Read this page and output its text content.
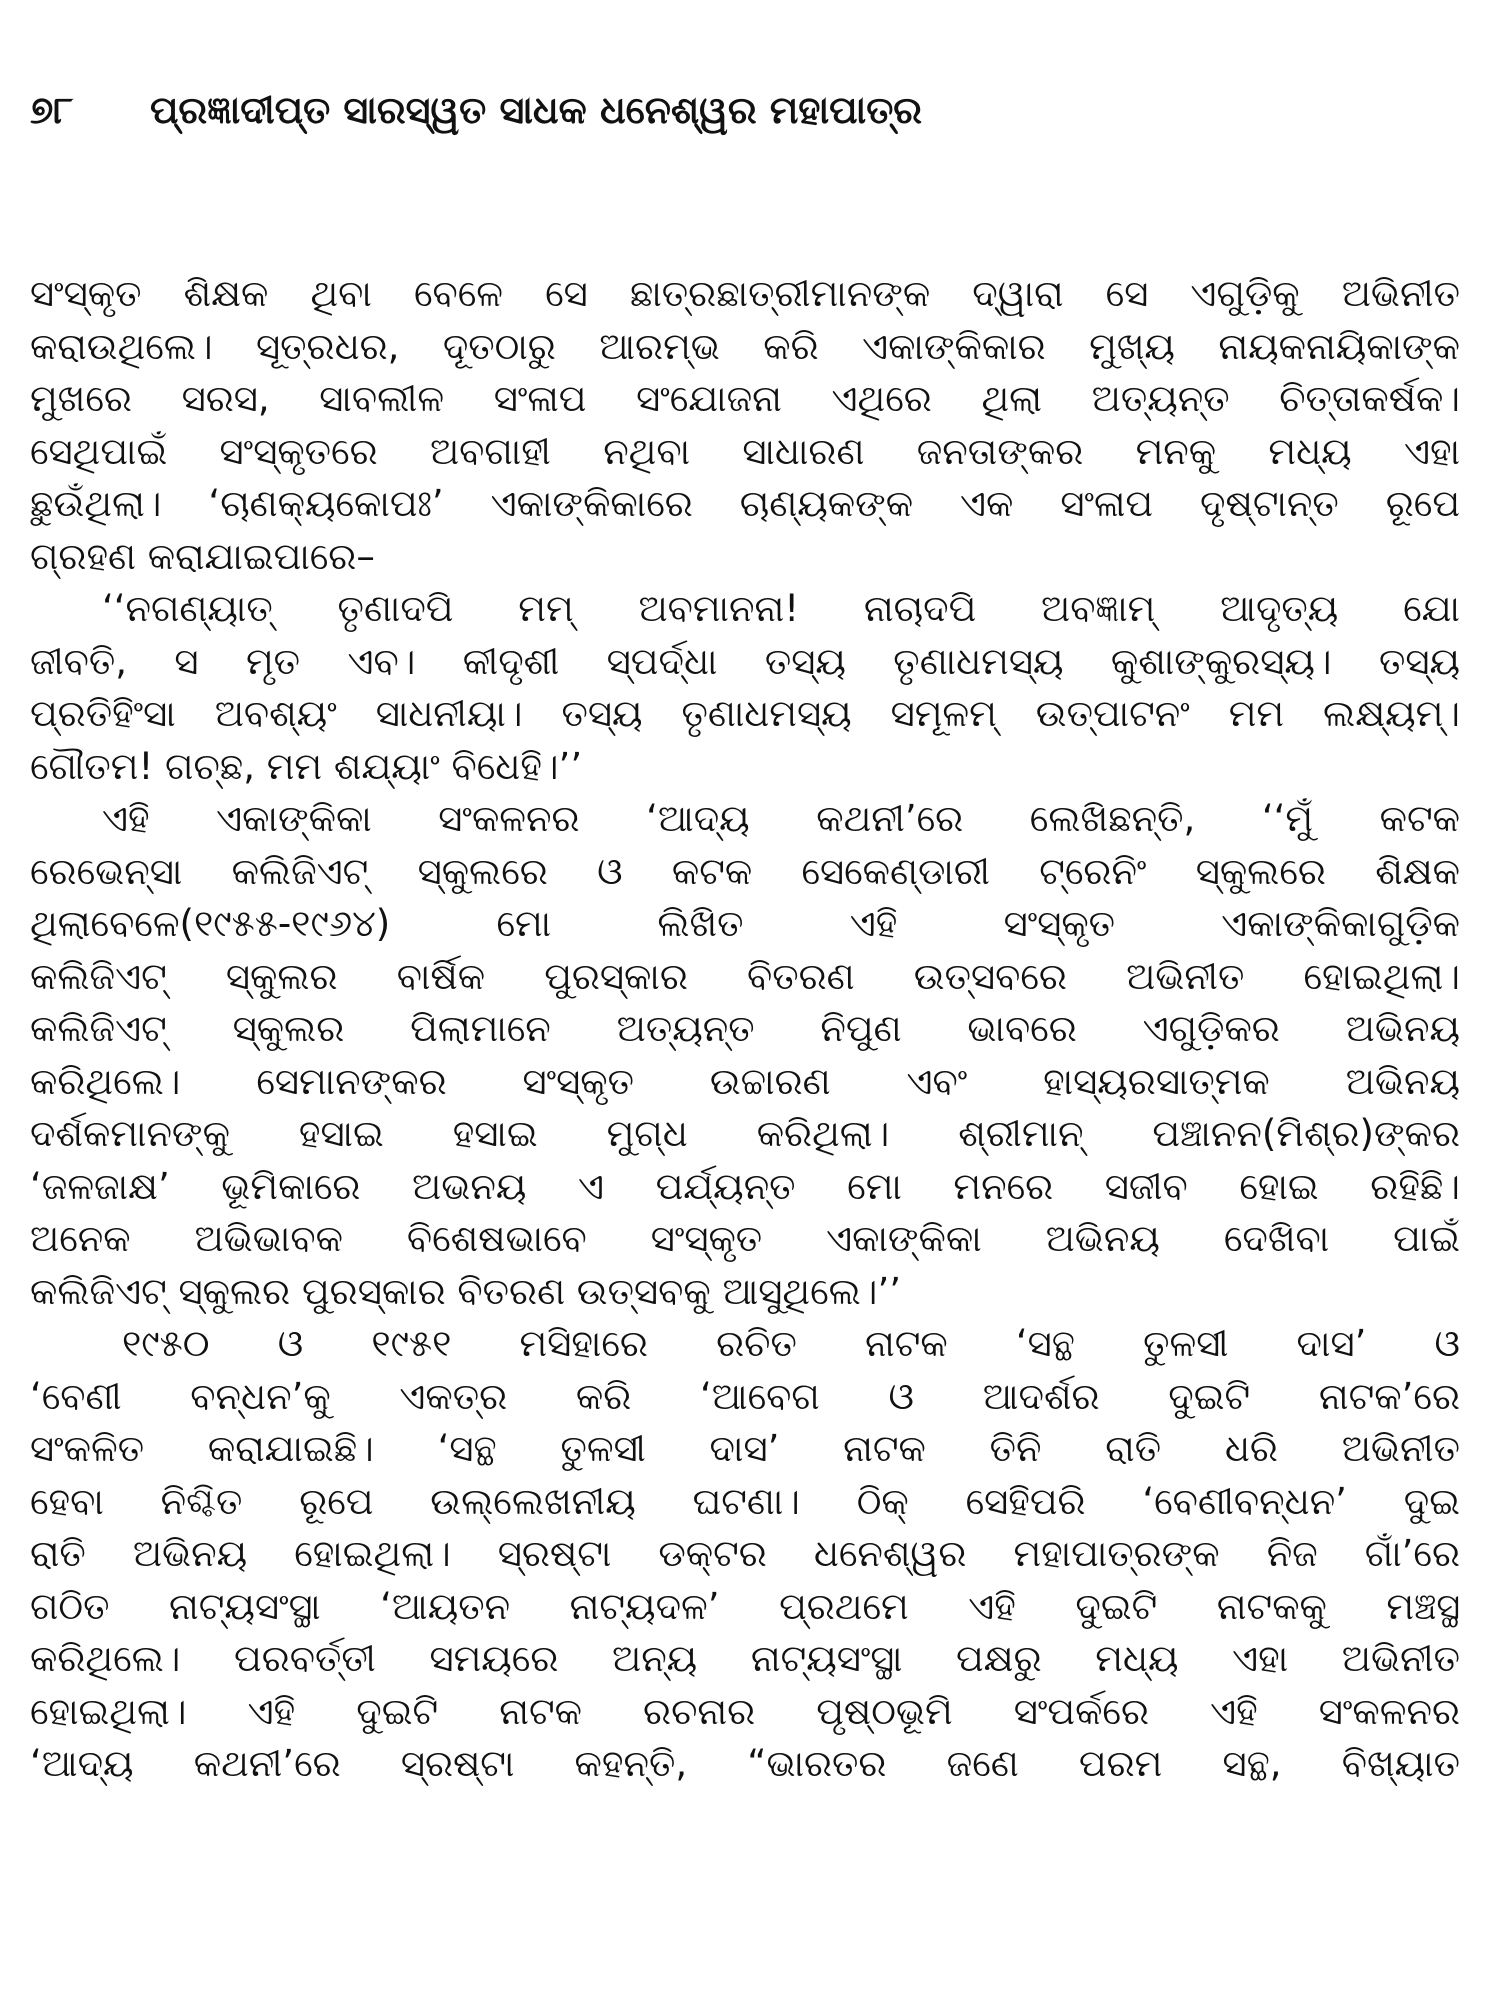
୭୮	ପ୍ରଜ୍ଞାଦୀପ୍ତ ସାରସ୍ୱତ ସାଧକ ଧନେଶ୍ୱର ମହାପାତ୍ର
ସଂସ୍କୃତ ଶିକ୍ଷକ ଥିବା ବେଳେ ସେ ଛାତ୍ରଛାତ୍ରୀମାନଙ୍କ ଦ୍ୱାରା ସେ ଏଗୁଡ଼ିକୁ ଅଭିନୀତ
କରାଉଥିଲେ। ସୂତ୍ରଧର, ଦୂତଠାରୁ ଆରମ୍ଭ କରି ଏକାଙ୍କିକାର ମୁଖ୍ୟ ନାୟକନାୟିକାଙ୍କ
ମୁଖରେ ସରସ, ସାବଲୀଳ ସଂଳାପ ସଂଯୋଜନା ଏଥିରେ ଥିଲା ଅତ୍ୟନ୍ତ ଚିତ୍ତାକର୍ଷକ।
ସେଥିପାଇଁ ସଂସ୍କୃତରେ ଅବଗାହୀ ନଥିବା ସାଧାରଣ ଜନତାଙ୍କର ମନକୁ ମଧ୍ୟ ଏହା
ଛୁଉଁଥିଲା। ‘ଚାଣକ୍ୟକୋପଃ’ ଏକାଙ୍କିକାରେ ଚାଣ୍ୟକଙ୍କ ଏକ ସଂଳାପ ଦୃଷ୍ଟାନ୍ତ ରୂପେ
ଗ୍ରହଣ କରାଯାଇପାରେ–
‘‘ନଗଣ୍ୟାତ୍ ତୃଣାଦପି ମମ୍ ଅବମାନନା! ନାଚାଦପି ଅବଜ୍ଞାମ୍ ଆଦୃତ୍ୟ ଯୋ
ଜୀବତି, ସ ମୃତ ଏବ। କୀଦୃଶୀ ସ୍ପର୍ଦ୍ଧା ତସ୍ୟ ତୃଣାଧମସ୍ୟ କୁଶାଙ୍କୁରସ୍ୟ। ତସ୍ୟ
ପ୍ରତିହିଂସା ଅବଶ୍ୟଂ ସାଧନୀୟା। ତସ୍ୟ ତୃଣାଧମସ୍ୟ ସମୂଳମ୍ ଉତ୍ପାଟନଂ ମମ ଲକ୍ଷ୍ୟମ୍।
ଗୌତମ! ଗଚ୍ଛ, ମମ ଶଯ୍ୟାଂ ବିଧେହି।’’
ଏହି ଏକାଙ୍କିକା ସଂକଳନର ‘ଆଦ୍ୟ କଥନୀ’ରେ ଲେଖିଛନ୍ତି, ‘‘ମୁଁ କଟକ
ରେଭେନ୍ସା କଲିଜିଏଟ୍ ସ୍କୁଲରେ ଓ କଟକ ସେକେଣ୍ଡାରୀ ଟ୍ରେନିଂ ସ୍କୁଲରେ ଶିକ୍ଷକ
ଥିଲାବେଳେ(୧୯୫୫-୧୯୬୪) ମୋ ଲିଖିତ ଏହି ସଂସ୍କୃତ ଏକାଙ୍କିକାଗୁଡ଼ିକ
କଲିଜିଏଟ୍ ସ୍କୁଲର ବାର୍ଷିକ ପୁରସ୍କାର ବିତରଣ ଉତ୍ସବରେ ଅଭିନୀତ ହୋଇଥିଲା।
କଲିଜିଏଟ୍ ସ୍କୁଲର ପିଲାମାନେ ଅତ୍ୟନ୍ତ ନିପୁଣ ଭାବରେ ଏଗୁଡ଼ିକର ଅଭିନୟ
କରିଥିଲେ। ସେମାନଙ୍କର ସଂସ୍କୃତ ଉଚ୍ଚାରଣ ଏବଂ ହାସ୍ୟରସାତ୍ମକ ଅଭିନୟ
ଦର୍ଶକମାନଙ୍କୁ ହସାଇ ହସାଇ ମୁଗ୍ଧ କରିଥିଲା। ଶ୍ରୀମାନ୍ ପଞ୍ଚାନନ(ମିଶ୍ର)ଙ୍କର
‘ଜଳଜାକ୍ଷ’ ଭୂମିକାରେ ଅଭନୟ ଏ ପର୍ଯ୍ୟନ୍ତ ମୋ ମନରେ ସଜୀବ ହୋଇ ରହିଛି।
ଅନେକ ଅଭିଭାବକ ବିଶେଷଭାବେ ସଂସ୍କୃତ ଏକାଙ୍କିକା ଅଭିନୟ ଦେଖିବା ପାଇଁ
କଲିଜିଏଟ୍ ସ୍କୁଲର ପୁରସ୍କାର ବିତରଣ ଉତ୍ସବକୁ ଆସୁଥିଲେ।’’
୧୯୫୦ ଓ ୧୯୫୧ ମସିହାରେ ରଚିତ ନାଟକ ‘ସନ୍ଥ ତୁଳସୀ ଦାସ’ ଓ
‘ବେଣୀ ବନ୍ଧନ’କୁ ଏକତ୍ର କରି ‘ଆବେଗ ଓ ଆଦର୍ଶର ଦୁଇଟି ନାଟକ’ରେ
ସଂକଳିତ କରାଯାଇଛି। ‘ସନ୍ଥ ତୁଳସୀ ଦାସ’ ନାଟକ ତିନି ରାତି ଧରି ଅଭିନୀତ
ହେବା ନିଶ୍ଚିତ ରୂପେ ଉଲ୍ଲେଖନୀୟ ଘଟଣା। ଠିକ୍ ସେହିପରି ‘ବେଣୀବନ୍ଧନ’ ଦୁଇ
ରାତି ଅଭିନୟ ହୋଇଥିଲା। ସ୍ରଷ୍ଟା ଡକ୍ଟର ଧନେଶ୍ୱର ମହାପାତ୍ରଙ୍କ ନିଜ ଗାଁ’ରେ
ଗଠିତ ନାଟ୍ୟସଂସ୍ଥା ‘ଆୟତନ ନାଟ୍ୟଦଳ’ ପ୍ରଥମେ ଏହି ଦୁଇଟି ନାଟକକୁ ମଞ୍ଚସ୍ଥ
କରିଥିଲେ। ପରବର୍ତ୍ତୀ ସମୟରେ ଅନ୍ୟ ନାଟ୍ୟସଂସ୍ଥା ପକ୍ଷରୁ ମଧ୍ୟ ଏହା ଅଭିନୀତ
ହୋଇଥିଲା। ଏହି ଦୁଇଟି ନାଟକ ରଚନାର ପୃଷ୍ଠଭୂମି ସଂପର୍କରେ ଏହି ସଂକଳନର
‘ଆଦ୍ୟ କଥନୀ’ରେ ସ୍ରଷ୍ଟା କହନ୍ତି, “ଭାରତର ଜଣେ ପରମ ସନ୍ଥ, ବିଖ୍ୟାତ
